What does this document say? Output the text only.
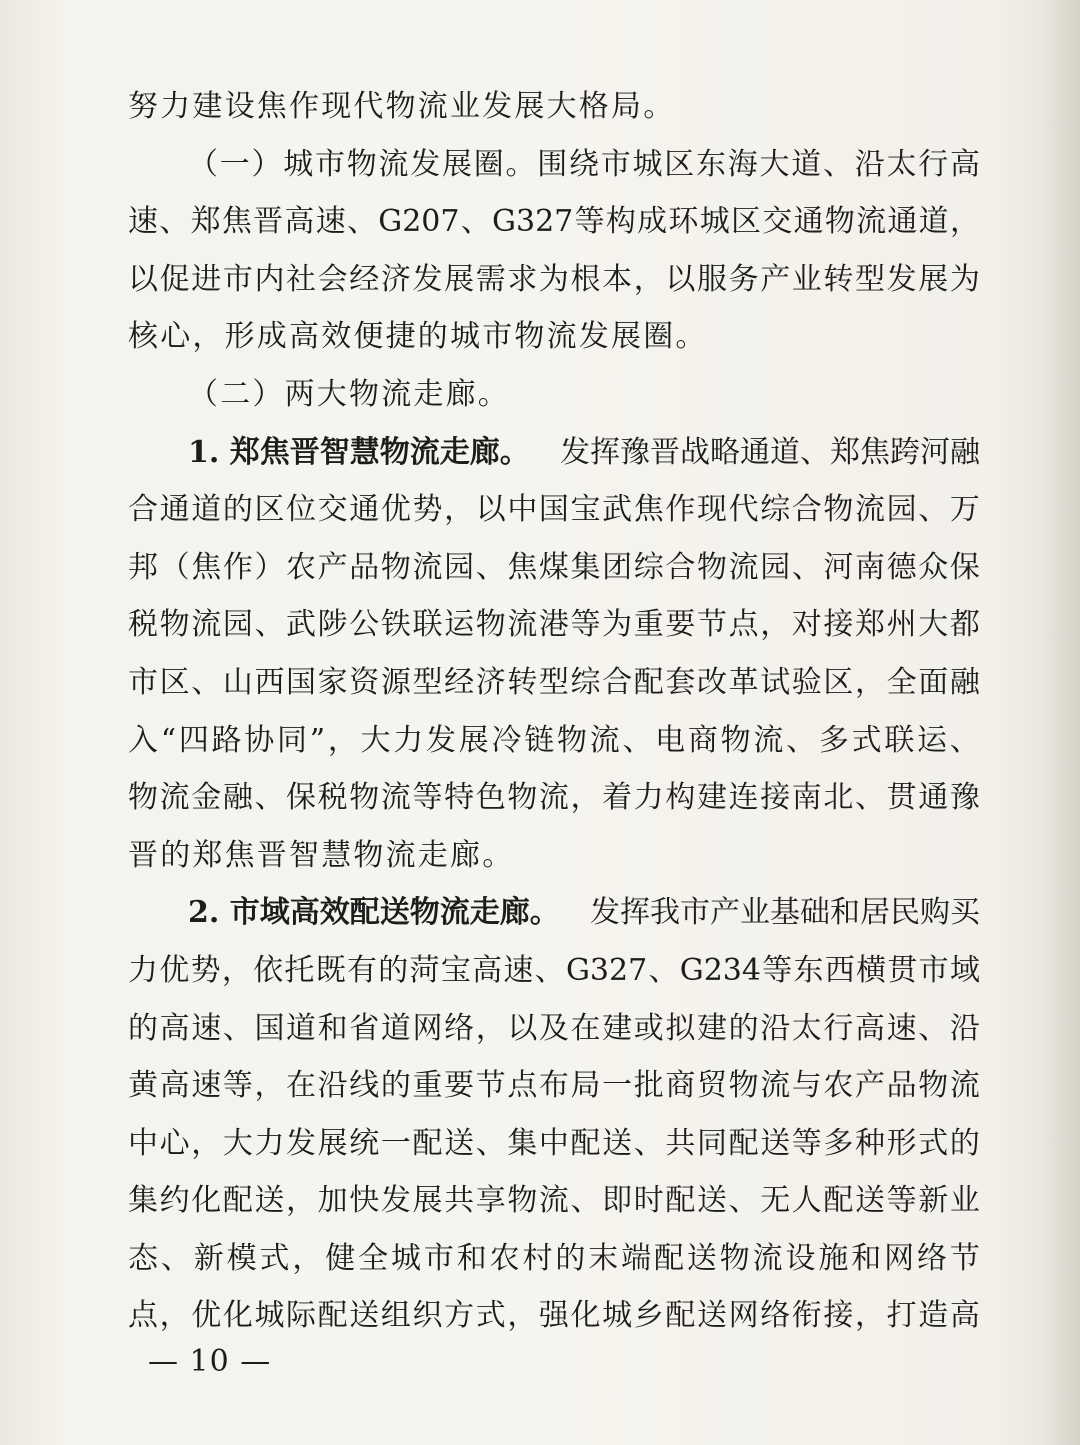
努力建设焦作现代物流业发展大格局。
（ 一 ） 城 市 物 流 发 展 圈 。 围 绕 市 城 区 东 海 大 道 、 沿 太 行 高
速 、 郑 焦 晋 高 速 、 G207 、 G327 等 构 成 环 城 区 交 通 物 流 通 道 ，
以 促 进 市 内 社 会 经 济 发 展 需 求 为 根 本 ， 以 服 务 产 业 转 型 发 展 为
核心，形成高效便捷的城市物流发展圈。
（二）两大物流走廊。
1. 郑焦晋智慧物流走廊。 发挥豫晋战略通道、郑焦跨河融
合 通 道 的 区 位 交 通 优 势 ， 以 中 国 宝 武 焦 作 现 代 综 合 物 流 园 、 万
邦 （ 焦 作 ） 农 产 品 物 流 园 、 焦 煤 集 团 综 合 物 流 园 、 河 南 德 众 保
税 物 流 园 、 武 陟 公 铁 联 运 物 流 港 等 为 重 要 节 点 ， 对 接 郑 州 大 都
市 区 、 山 西 国 家 资 源 型 经 济 转 型 综 合 配 套 改 革 试 验 区 ， 全 面 融
入 “ 四 路 协 同 ” ， 大 力 发 展 冷 链 物 流 、 电 商 物 流 、 多 式 联 运 、
物 流 金 融 、 保 税 物 流 等 特 色 物 流 ， 着 力 构 建 连 接 南 北 、 贯 通 豫
晋的郑焦晋智慧物流走廊。
2. 市域高效配送物流走廊。 发挥我市产业基础和居民购买
力 优 势 ， 依 托 既 有 的 菏 宝 高 速 、 G327 、 G234 等 东 西 横 贯 市 域
的 高 速 、 国 道 和 省 道 网 络 ， 以 及 在 建 或 拟 建 的 沿 太 行 高 速 、 沿
黄 高 速 等 ， 在 沿 线 的 重 要 节 点 布 局 一 批 商 贸 物 流 与 农 产 品 物 流
中 心 ， 大 力 发 展 统 一 配 送 、 集 中 配 送 、 共 同 配 送 等 多 种 形 式 的
集 约 化 配 送 ， 加 快 发 展 共 享 物 流 、 即 时 配 送 、 无 人 配 送 等 新 业
态 、 新 模 式 ， 健 全 城 市 和 农 村 的 末 端 配 送 物 流 设 施 和 网 络 节
点 ， 优 化 城 际 配 送 组 织 方 式 ， 强 化 城 乡 配 送 网 络 衔 接 ， 打 造 高
— 10 —
